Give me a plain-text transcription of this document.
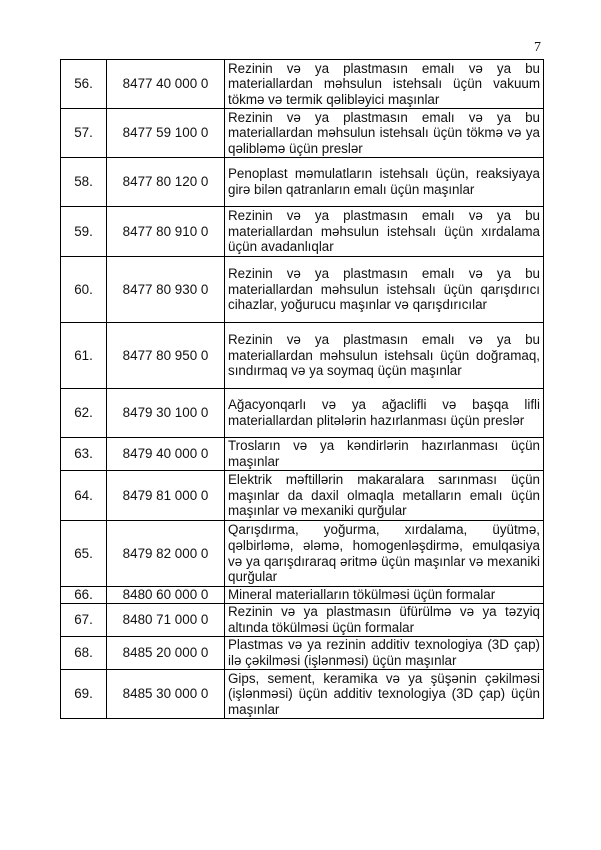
7
56.	8477 40 000 0	Rezinin və ya plastmasın emalı və ya bu materiallardan məhsulun istehsalı üçün vakuum tökmə və termik qəlibləyici maşınlar
57.	8477 59 100 0	Rezinin və ya plastmasın emalı və ya bu materiallardan məhsulun istehsalı üçün tökmə və ya qəlibləmə üçün preslər
58.	8477 80 120 0	Penoplast məmulatların istehsalı üçün, reaksiyaya girə bilən qatranların emalı üçün maşınlar
59.	8477 80 910 0	Rezinin və ya plastmasın emalı və ya bu materiallardan məhsulun istehsalı üçün xırdalama üçün avadanlıqlar
60.	8477 80 930 0	Rezinin və ya plastmasın emalı və ya bu materiallardan məhsulun istehsalı üçün qarışdırıcı cihazlar, yoğurucu maşınlar və qarışdırıcılar
61.	8477 80 950 0	Rezinin və ya plastmasın emalı və ya bu materiallardan məhsulun istehsalı üçün doğramaq, sındırmaq və ya soymaq üçün maşınlar
62.	8479 30 100 0	Ağacyonqarlı və ya ağaclifli və başqa lifli materiallardan plitələrin hazırlanması üçün preslər
63.	8479 40 000 0	Trosların və ya kəndirlərin hazırlanması üçün maşınlar
64.	8479 81 000 0	Elektrik məftillərin makaralara sarınması üçün maşınlar da daxil olmaqla metalların emalı üçün maşınlar və mexaniki qurğular
65.	8479 82 000 0	Qarışdırma, yoğurma, xırdalama, üyütmə, qəlbirləmə, ələmə, homogenləşdirmə, emulqasiya və ya qarışdıraraq əritmə üçün maşınlar və mexaniki qurğular
66.	8480 60 000 0	Mineral materialların tökülməsi üçün formalar
67.	8480 71 000 0	Rezinin və ya plastmasın üfürülmə və ya təzyiq altında tökülməsi üçün formalar
68.	8485 20 000 0	Plastmas və ya rezinin additiv texnologiya (3D çap) ilə çəkilməsi (işlənməsi) üçün maşınlar
69.	8485 30 000 0	Gips, sement, keramika və ya şüşənin çəkilməsi (işlənməsi) üçün additiv texnologiya (3D çap) üçün maşınlar
